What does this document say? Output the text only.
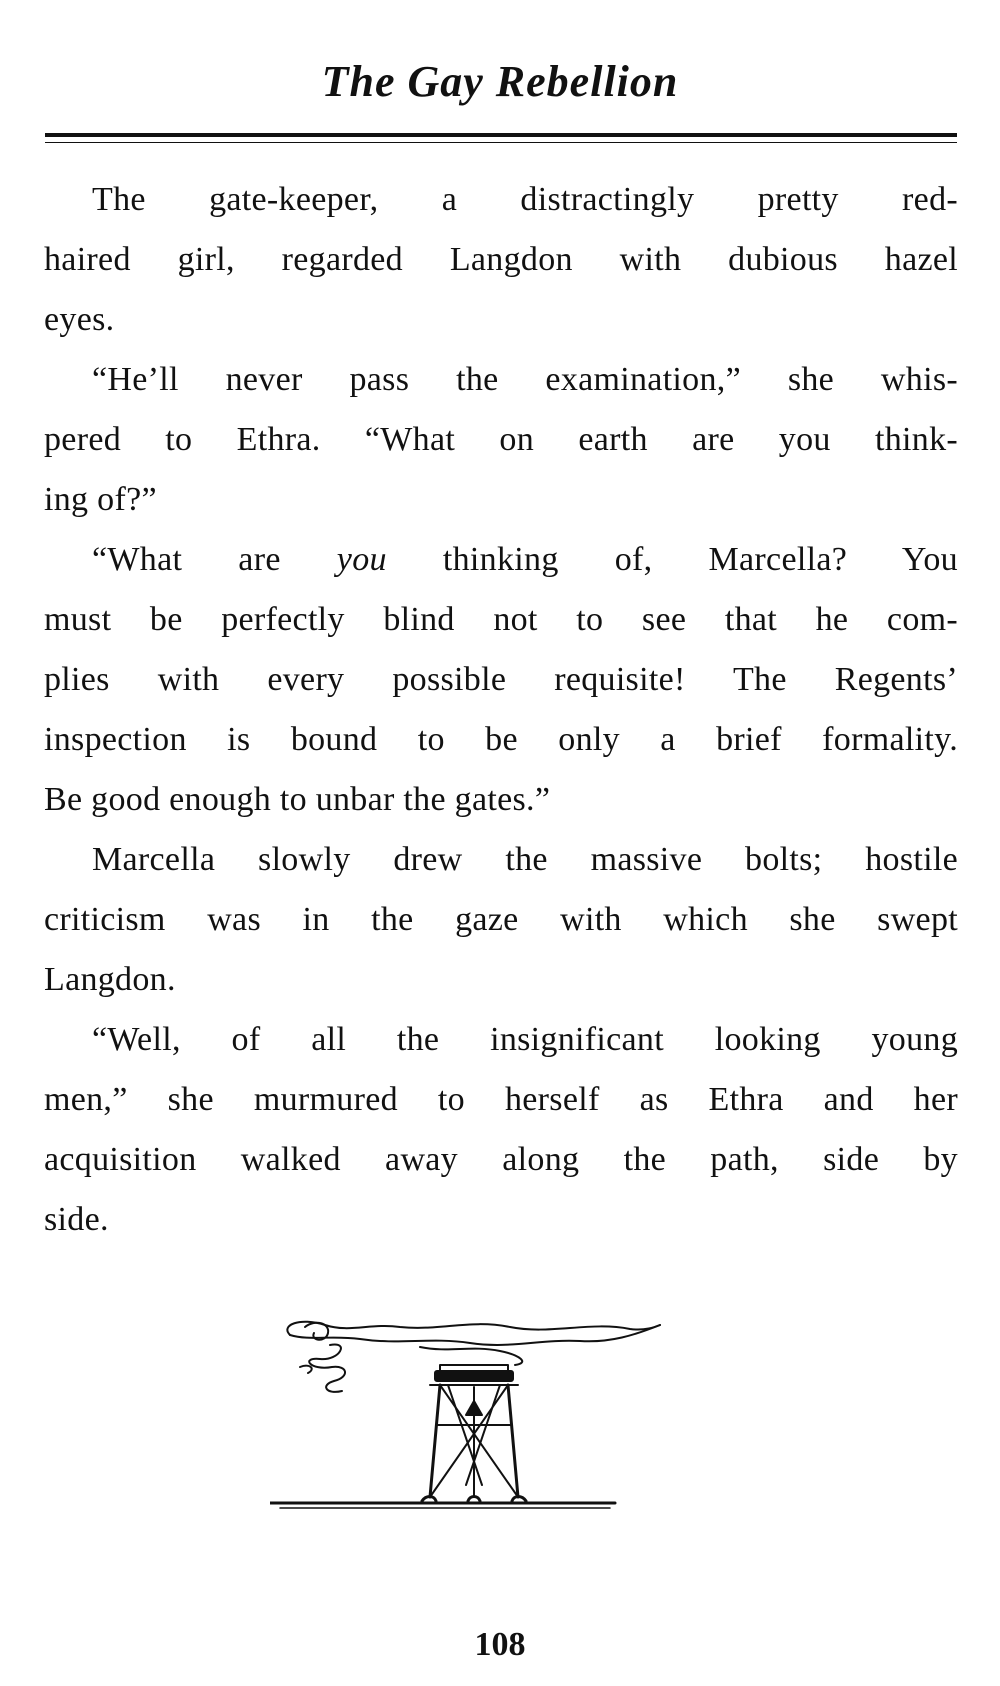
The Gay Rebellion
The gate-keeper, a distractingly pretty red-
haired girl, regarded Langdon with dubious hazel
eyes.
“He’ll never pass the examination,” she whis-
pered to Ethra. “What on earth are you think-
ing of?”
“What are you thinking of, Marcella? You
must be perfectly blind not to see that he com-
plies with every possible requisite! The Regents’
inspection is bound to be only a brief formality.
Be good enough to unbar the gates.”
Marcella slowly drew the massive bolts; hostile
criticism was in the gaze with which she swept
Langdon.
“Well, of all the insignificant looking young
men,” she murmured to herself as Ethra and her
acquisition walked away along the path, side by
side.
108
